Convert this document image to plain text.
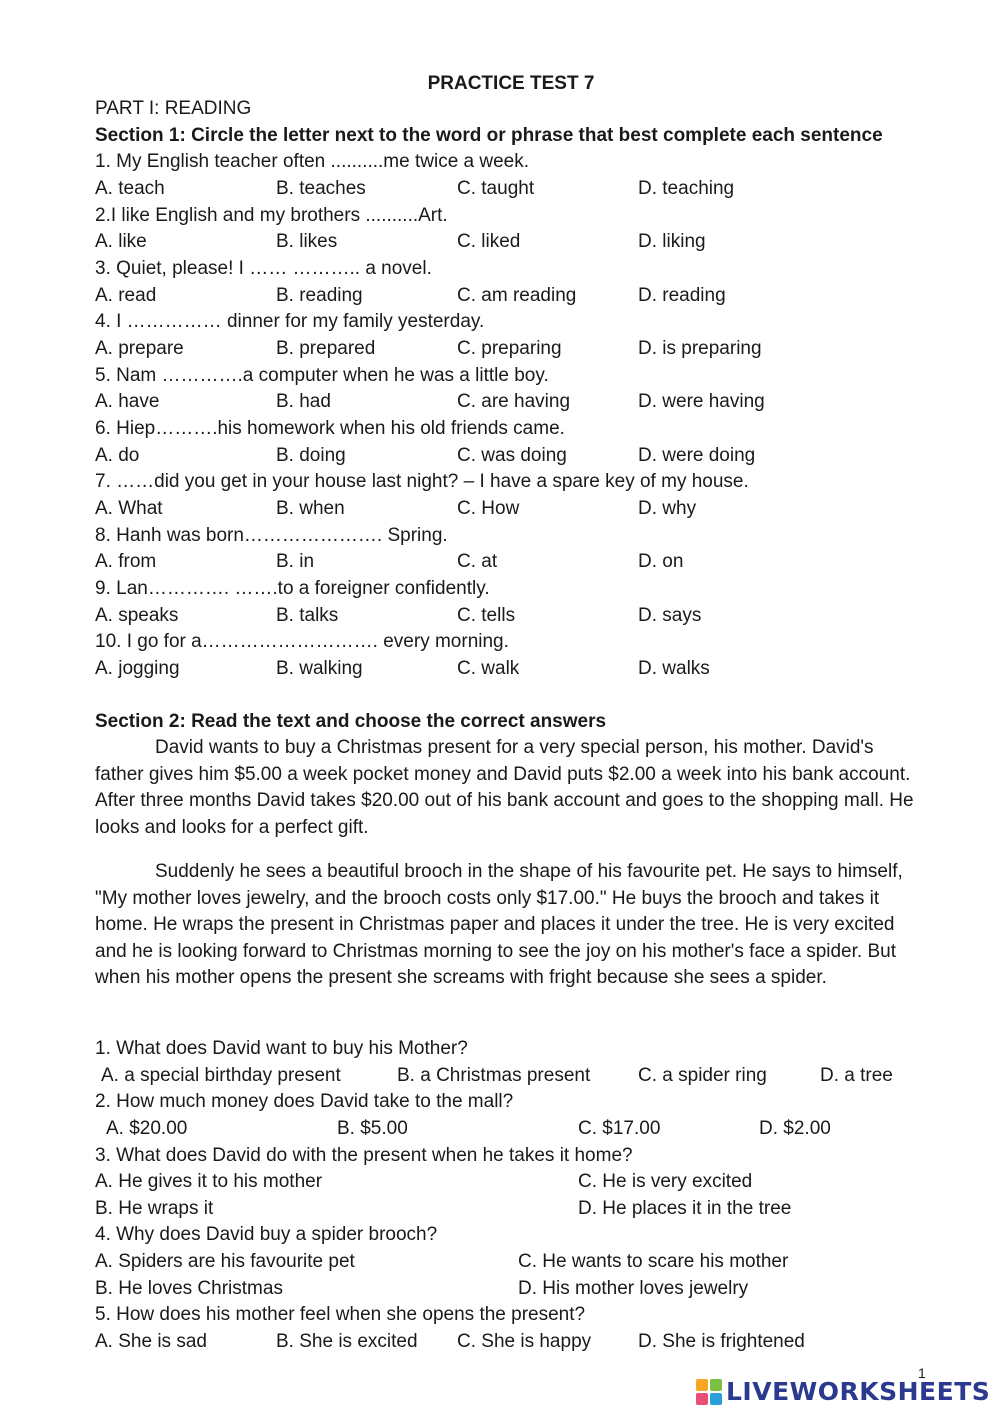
PRACTICE TEST 7
PART I: READING
Section 1: Circle the letter next to the word or phrase that best complete each sentence
1. My English teacher often ..........me twice a week.
A. teach	B. teaches	C. taught	D. teaching
2.I like English and my brothers ..........Art.
A. like	B. likes	C. liked	D. liking
3. Quiet, please! I …… ……….. a novel.
A. read	B. reading	C. am reading	D. reading
4. I …………… dinner for my family yesterday.
A. prepare	B. prepared	C. preparing	D. is preparing
5. Nam ………….a computer when he was a little boy.
A. have	B. had	C. are having	D. were having
6. Hiep……….his homework when his old friends came.
A. do	B. doing	C. was doing	D. were doing
7. ……did you get in your house last night? – I have a spare key of my house.
A. What	B. when	C. How	D. why
8. Hanh was born…………………. Spring.
A. from	B. in	C. at	D. on
9. Lan…………. …….to a foreigner confidently.
A. speaks	B. talks	C. tells	D. says
10. I go for a………………………. every morning.
A. jogging	B. walking	C. walk	D. walks
Section 2: Read the text and choose the correct answers
David wants to buy a Christmas present for a very special person, his mother. David's father gives him $5.00 a week pocket money and David puts $2.00 a week into his bank account. After three months David takes $20.00 out of his bank account and goes to the shopping mall. He looks and looks for a perfect gift.
Suddenly he sees a beautiful brooch in the shape of his favourite pet. He says to himself, "My mother loves jewelry, and the brooch costs only $17.00." He buys the brooch and takes it home. He wraps the present in Christmas paper and places it under the tree. He is very excited and he is looking forward to Christmas morning to see the joy on his mother's face a spider. But when his mother opens the present she screams with fright because she sees a spider.
1. What does David want to buy his Mother?
A. a special birthday present	B. a Christmas present	C. a spider ring	D. a tree
2. How much money does David take to the mall?
A. $20.00	B. $5.00	C. $17.00	D. $2.00
3. What does David do with the present when he takes it home?
A. He gives it to his mother	C. He is very excited
B. He wraps it	D. He places it in the tree
4. Why does David buy a spider brooch?
A. Spiders are his favourite pet	C. He wants to scare his mother
B. He loves Christmas	D. His mother loves jewelry
5. How does his mother feel when she opens the present?
A. She is sad	B. She is excited C. She is happy D. She is frightened
1
LIVEWORKSHEETS
